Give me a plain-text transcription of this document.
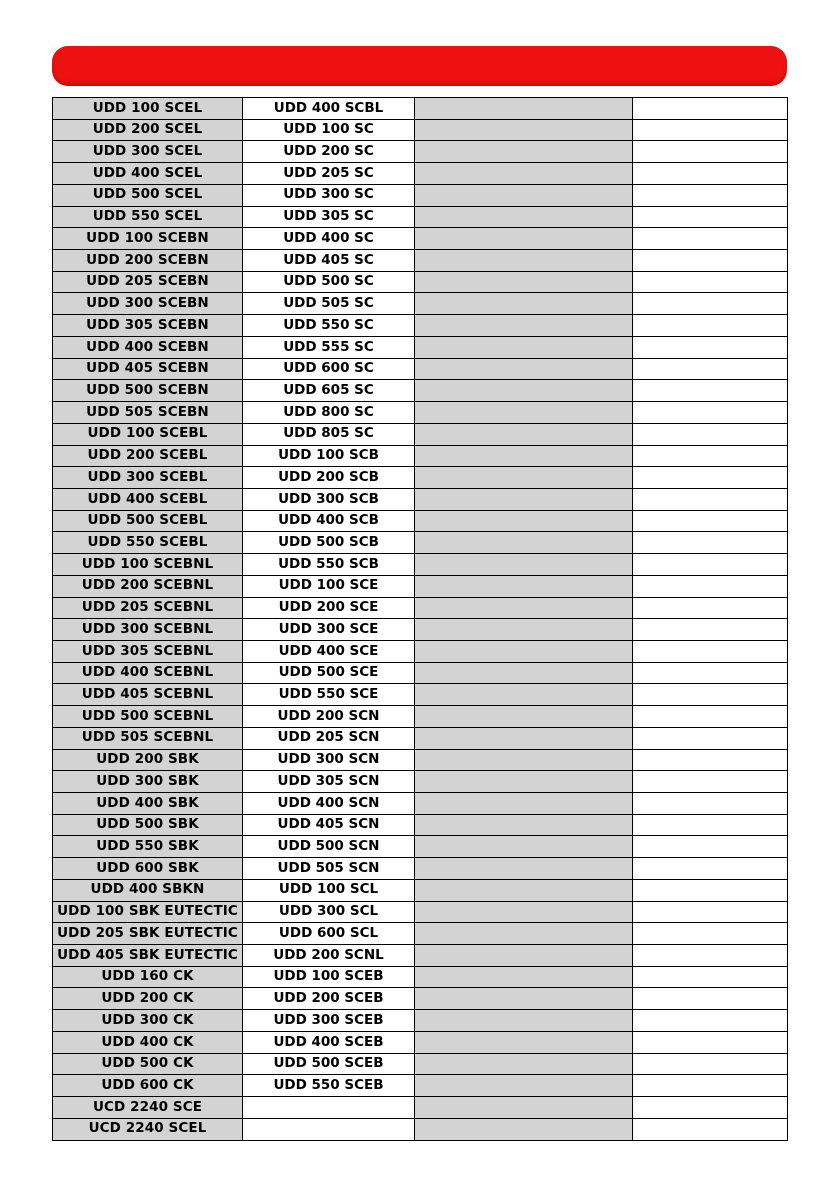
UDD 100 SCEL	UDD 400 SCBL		
UDD 200 SCEL	UDD 100 SC		
UDD 300 SCEL	UDD 200 SC		
UDD 400 SCEL	UDD 205 SC		
UDD 500 SCEL	UDD 300 SC		
UDD 550 SCEL	UDD 305 SC		
UDD 100 SCEBN	UDD 400 SC		
UDD 200 SCEBN	UDD 405 SC		
UDD 205 SCEBN	UDD 500 SC		
UDD 300 SCEBN	UDD 505 SC		
UDD 305 SCEBN	UDD 550 SC		
UDD 400 SCEBN	UDD 555 SC		
UDD 405 SCEBN	UDD 600 SC		
UDD 500 SCEBN	UDD 605 SC		
UDD 505 SCEBN	UDD 800 SC		
UDD 100 SCEBL	UDD 805 SC		
UDD 200 SCEBL	UDD 100 SCB		
UDD 300 SCEBL	UDD 200 SCB		
UDD 400 SCEBL	UDD 300 SCB		
UDD 500 SCEBL	UDD 400 SCB		
UDD 550 SCEBL	UDD 500 SCB		
UDD 100 SCEBNL	UDD 550 SCB		
UDD 200 SCEBNL	UDD 100 SCE		
UDD 205 SCEBNL	UDD 200 SCE		
UDD 300 SCEBNL	UDD 300 SCE		
UDD 305 SCEBNL	UDD 400 SCE		
UDD 400 SCEBNL	UDD 500 SCE		
UDD 405 SCEBNL	UDD 550 SCE		
UDD 500 SCEBNL	UDD 200 SCN		
UDD 505 SCEBNL	UDD 205 SCN		
UDD 200 SBK	UDD 300 SCN		
UDD 300 SBK	UDD 305 SCN		
UDD 400 SBK	UDD 400 SCN		
UDD 500 SBK	UDD 405 SCN		
UDD 550 SBK	UDD 500 SCN		
UDD 600 SBK	UDD 505 SCN		
UDD 400 SBKN	UDD 100 SCL		
UDD 100 SBK EUTECTIC	UDD 300 SCL		
UDD 205 SBK EUTECTIC	UDD 600 SCL		
UDD 405 SBK EUTECTIC	UDD 200 SCNL		
UDD 160 CK	UDD 100 SCEB		
UDD 200 CK	UDD 200 SCEB		
UDD 300 CK	UDD 300 SCEB		
UDD 400 CK	UDD 400 SCEB		
UDD 500 CK	UDD 500 SCEB		
UDD 600 CK	UDD 550 SCEB		
UCD 2240 SCE			
UCD 2240 SCEL			
